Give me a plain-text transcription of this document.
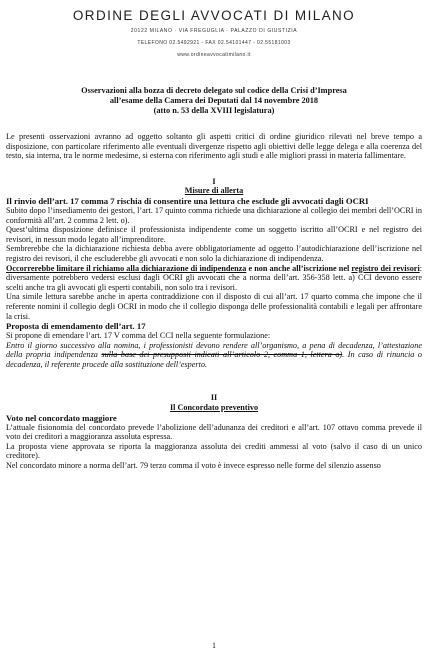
ORDINE DEGLI AVVOCATI DI MILANO
20122 MILANO · VIA FREGUGLIA · PALAZZO DI GIUSTIZIA
TELEFONO 02.5492921 - FAX 02.54101447 - 02.55181003
www.ordineavvocatimilano.it
Osservazioni alla bozza di decreto delegato sul codice della Crisi d’Impresa
all’esame della Camera dei Deputati dal 14 novembre 2018
(atto n. 53 della XVIII legislatura)
Le presenti osservazioni avranno ad oggetto soltanto gli aspetti critici di ordine giuridico rilevati nel breve tempo a disposizione, con particolare riferimento alle eventuali divergenze rispetto agli obiettivi delle legge delega e alla coerenza del testo, sia interna, tra le norme medesime, si esterna con riferimento agli studi e alle migliori prassi in materia fallimentare.
I
Misure di allerta
Il rinvio dell’art. 17 comma 7 rischia di consentire una lettura che esclude gli avvocati dagli OCRI
Subito dopo l’insediamento dei gestori, l’art. 17 quinto comma richiede una dichiarazione al collegio dei membri dell’OCRI in conformità all’art. 2 comma 2 lett. o).
Quest’ultima disposizione definisce il professionista indipendente come un soggetto iscritto all’OCRI e nel registro dei revisori, in nessun modo legato all’imprenditore.
Sembrerebbe che la dichiarazione richiesta debba avere obbligatoriamente ad oggetto l’autodichiarazione dell’iscrizione nel registro dei revisori, il che escluderebbe gli avvocati e non solo la dichiarazione di indipendenza.
Occorrerebbe limitare il richiamo alla dichiarazione di indipendenza e non anche all’iscrizione nel registro dei revisori: diversamente potrebbero vedersi esclusi dagli OCRI gli avvocati che a norma dell’art. 356-358 lett. a) CCI devono essere scelti anche tra gli avvocati gli esperti contabili, non solo tra i revisori.
Una simile lettura sarebbe anche in aperta contraddizione con il disposto di cui all’art. 17 quarto comma che impone che il referente nomini il collegio degli OCRI in modo che il collegio disponga delle professionalità contabili e legali per affrontare la crisi.
Proposta di emendamento dell’art. 17
Si propone di emendare l’art. 17 V comma del CCI nella seguente formulazione:
Entro il giorno successivo alla nomina, i professionisti devono rendere all’organismo, a pena di decadenza, l’attestazione della propria indipendenza sulla base dei presupposti indicati all’articolo 2, comma 1, lettera o). In caso di rinuncia o decadenza, il referente procede alla sostituzione dell’esperto.
II
Il Concordato preventivo
Voto nel concordato maggiore
L’attuale fisionomia del concordato prevede l’abolizione dell’adunanza dei creditori e all’art. 107 ottavo comma prevede il voto dei creditori a maggioranza assoluta espressa.
La proposta viene approvata se riporta la maggioranza assoluta dei crediti ammessi al voto (salvo il caso di un unico creditore).
Nel concordato minore a norma dell’art. 79 terzo comma il voto è invece espresso nelle forme del silenzio assenso
1
